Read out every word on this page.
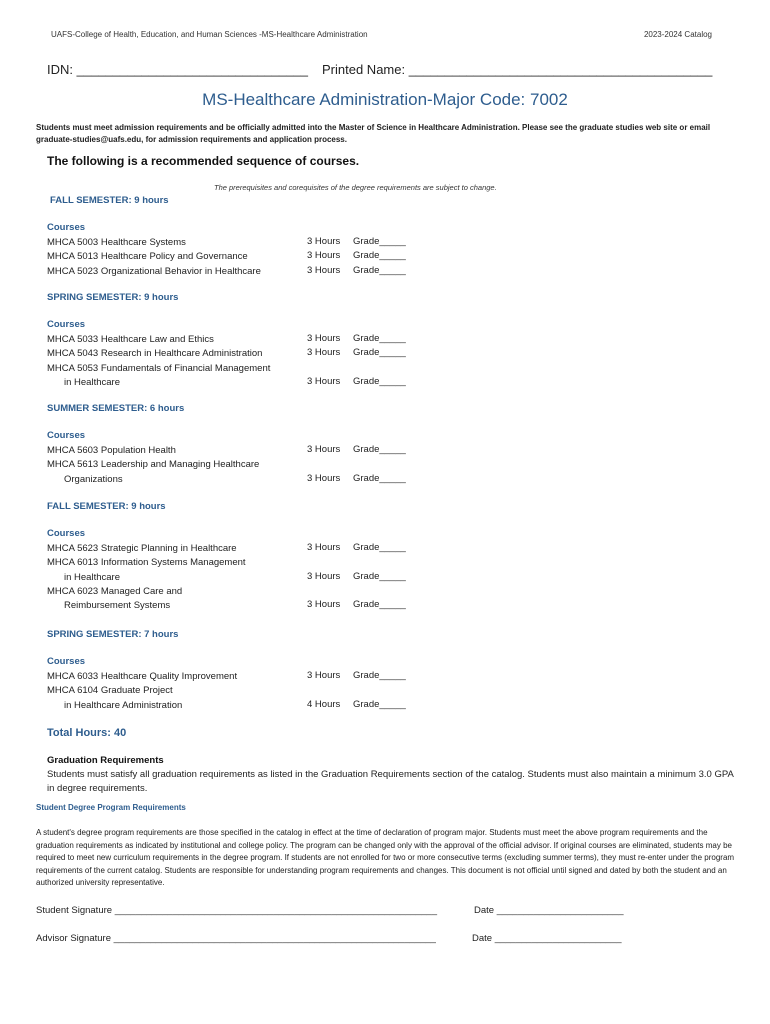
UAFS-College of Health, Education, and Human Sciences -MS-Healthcare Administration	2023-2024 Catalog
IDN: ________________________________ Printed Name: __________________________________________
MS-Healthcare Administration-Major Code: 7002
Students must meet admission requirements and be officially admitted into the Master of Science in Healthcare Administration. Please see the graduate studies web site or email graduate-studies@uafs.edu, for admission requirements and application process.
The following is a recommended sequence of courses.
The prerequisites and corequisites of the degree requirements are subject to change.
FALL SEMESTER: 9 hours
Courses
MHCA 5003 Healthcare Systems	3 Hours Grade_____
MHCA 5013 Healthcare Policy and Governance	3 Hours Grade_____
MHCA 5023 Organizational Behavior in Healthcare	3 Hours Grade_____
SPRING SEMESTER: 9 hours
Courses
MHCA 5033 Healthcare Law and Ethics	3 Hours Grade_____
MHCA 5043 Research in Healthcare Administration	3 Hours Grade_____
MHCA 5053 Fundamentals of Financial Management
in Healthcare	3 Hours Grade_____
SUMMER SEMESTER: 6 hours
Courses
MHCA 5603 Population Health	3 Hours Grade_____
MHCA 5613 Leadership and Managing Healthcare
Organizations	3 Hours Grade_____
FALL SEMESTER: 9 hours
Courses
MHCA 5623 Strategic Planning in Healthcare	3 Hours Grade_____
MHCA 6013 Information Systems Management
in Healthcare	3 Hours Grade_____
MHCA 6023 Managed Care and
Reimbursement Systems	3 Hours Grade_____
SPRING SEMESTER: 7 hours
Courses
MHCA 6033 Healthcare Quality Improvement	3 Hours Grade_____
MHCA 6104 Graduate Project
in Healthcare Administration	4 Hours Grade_____
Total Hours: 40
Graduation Requirements
Students must satisfy all graduation requirements as listed in the Graduation Requirements section of the catalog. Students must also maintain a minimum 3.0 GPA in degree requirements.
Student Degree Program Requirements
A student's degree program requirements are those specified in the catalog in effect at the time of declaration of program major. Students must meet the above program requirements and the graduation requirements as indicated by institutional and college policy. The program can be changed only with the approval of the official advisor. If original courses are eliminated, students may be required to meet new curriculum requirements in the degree program. If students are not enrolled for two or more consecutive terms (excluding summer terms), they must re-enter under the program requirements of the current catalog. Students are responsible for understanding program requirements and changes. This document is not official until signed and dated by both the student and an authorized university representative.
Student Signature _____________________________________________________________	Date ________________________
Advisor Signature _____________________________________________________________	Date ________________________
